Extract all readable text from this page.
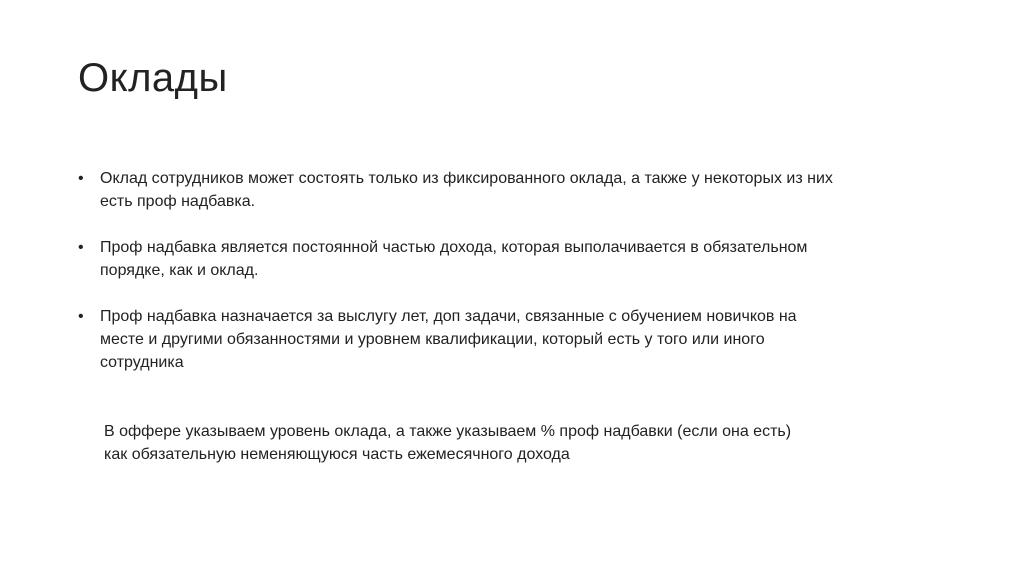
Оклады
• Оклад сотрудников может состоять только из фиксированного оклада, а также у некоторых из них есть проф надбавка.
• Проф надбавка является постоянной частью дохода, которая выполачивается в обязательном порядке, как и оклад.
• Проф надбавка назначается за выслугу лет, доп задачи, связанные с обучением новичков на месте и другими обязанностями и уровнем квалификации, который есть у того или иного сотрудника

В оффере указываем уровень оклада, а также указываем % проф надбавки (если она есть) как обязательную неменяющуюся часть ежемесячного дохода
